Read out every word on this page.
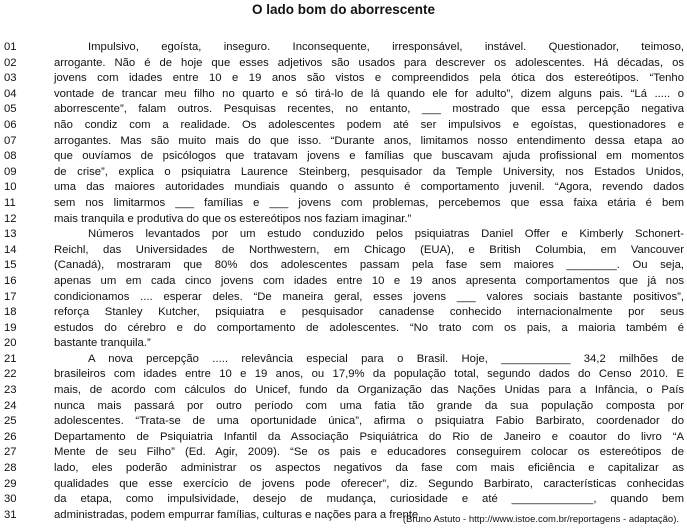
O lado bom do aborrescente
01
02
03
04
05
06
07
08
09
10
11
12
13
14
15
16
17
18
19
20
21
22
23
24
25
26
27
28
29
30
31
Impulsivo, egoísta, inseguro. Inconsequente, irresponsável, instável. Questionador, teimoso,
arrogante. Não é de hoje que esses adjetivos são usados para descrever os adolescentes. Há décadas, os
jovens com idades entre 10 e 19 anos são vistos e compreendidos pela ótica dos estereótipos. “Tenho
vontade de trancar meu filho no quarto e só tirá-lo de lá quando ele for adulto”, dizem alguns pais. “Lá ..... o
aborrescente”, falam outros. Pesquisas recentes, no entanto, ___ mostrado que essa percepção negativa
não condiz com a realidade. Os adolescentes podem até ser impulsivos e egoístas, questionadores e
arrogantes. Mas são muito mais do que isso. “Durante anos, limitamos nosso entendimento dessa etapa ao
que ouvíamos de psicólogos que tratavam jovens e famílias que buscavam ajuda profissional em momentos
de crise”, explica o psiquiatra Laurence Steinberg, pesquisador da Temple University, nos Estados Unidos,
uma das maiores autoridades mundiais quando o assunto é comportamento juvenil. “Agora, revendo dados
sem nos limitarmos ___ famílias e ___ jovens com problemas, percebemos que essa faixa etária é bem
mais tranquila e produtiva do que os estereótipos nos faziam imaginar.”
Números levantados por um estudo conduzido pelos psiquiatras Daniel Offer e Kimberly Schonert-
Reichl, das Universidades de Northwestern, em Chicago (EUA), e British Columbia, em Vancouver
(Canadá), mostraram que 80% dos adolescentes passam pela fase sem maiores ________. Ou seja,
apenas um em cada cinco jovens com idades entre 10 e 19 anos apresenta comportamentos que já nos
condicionamos .... esperar deles. “De maneira geral, esses jovens ___ valores sociais bastante positivos”,
reforça Stanley Kutcher, psiquiatra e pesquisador canadense conhecido internacionalmente por seus
estudos do cérebro e do comportamento de adolescentes. “No trato com os pais, a maioria também é
bastante tranquila.”
A nova percepção ..... relevância especial para o Brasil. Hoje, ___________ 34,2 milhões de
brasileiros com idades entre 10 e 19 anos, ou 17,9% da população total, segundo dados do Censo 2010. E
mais, de acordo com cálculos do Unicef, fundo da Organização das Nações Unidas para a Infância, o País
nunca mais passará por outro período com uma fatia tão grande da sua população composta por
adolescentes. “Trata-se de uma oportunidade única”, afirma o psiquiatra Fabio Barbirato, coordenador do
Departamento de Psiquiatria Infantil da Associação Psiquiátrica do Rio de Janeiro e coautor do livro “A
Mente de seu Filho” (Ed. Agir, 2009). “Se os pais e educadores conseguirem colocar os estereótipos de
lado, eles poderão administrar os aspectos negativos da fase com mais eficiência e capitalizar as
qualidades que esse exercício de jovens pode oferecer”, diz. Segundo Barbirato, características conhecidas
da etapa, como impulsividade, desejo de mudança, curiosidade e até _____________, quando bem
administradas, podem empurrar famílias, culturas e nações para a frente.
(Bruno Astuto - http://www.istoe.com.br/reportagens - adaptação).
